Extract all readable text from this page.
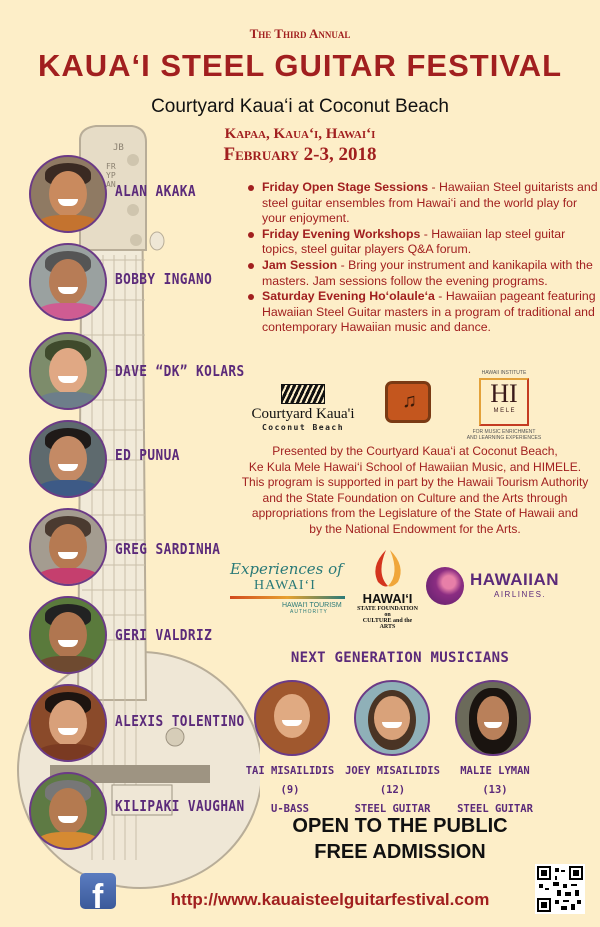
JB
FRYPAN
The Third Annual
KAUA‘I STEEL GUITAR FESTIVAL
Courtyard Kaua‘i at Coconut Beach
Kapaa, Kaua‘i, Hawai‘i
February 2-3, 2018
ALAN AKAKA
BOBBY INGANO
DAVE “DK” KOLARS
ED PUNUA
GREG SARDINHA
GERI VALDRIZ
ALEXIS TOLENTINO
KILIPAKI VAUGHAN
Friday Open Stage Sessions - Hawaiian Steel guitarists and steel guitar ensembles from Hawai‘i and the world play for your enjoyment.
Friday Evening Workshops - Hawaiian lap steel guitar topics, steel guitar players Q&A forum.
Jam Session - Bring your instrument and kanikapila with the masters. Jam sessions follow the evening programs.
Saturday Evening Ho‘olaule‘a - Hawaiian pageant featuring Hawaiian Steel Guitar masters in a program of traditional and contemporary Hawaiian music and dance.
Courtyard Kaua'i
Coconut Beach
♫
HAWAII INSTITUTE
HI
M E L E
FOR MUSIC ENRICHMENT
AND LEARNING EXPERIENCES
Presented by the Courtyard Kaua‘i at Coconut Beach,
Ke Kula Mele Hawai‘i School of Hawaiian Music, and HIMELE.
This program is supported in part by the Hawaii Tourism Authority
and the State Foundation on Culture and the Arts through
appropriations from the Legislature of the State of Hawaii and
by the National Endowment for the Arts.
Experiences of
HAWAI‘I
HAWAI'I TOURISM
AUTHORITY
HAWAI‘I
STATE FOUNDATION on
CULTURE and the ARTS
HAWAIIAN
AIRLINES.
NEXT GENERATION MUSICIANS
TAI MISAILIDIS (9)
U-BASS
JOEY MISAILIDIS (12)
STEEL GUITAR
MALIE LYMAN (13)
STEEL GUITAR
OPEN TO THE PUBLIC
FREE ADMISSION
f	http://www.kauaisteelguitarfestival.com
